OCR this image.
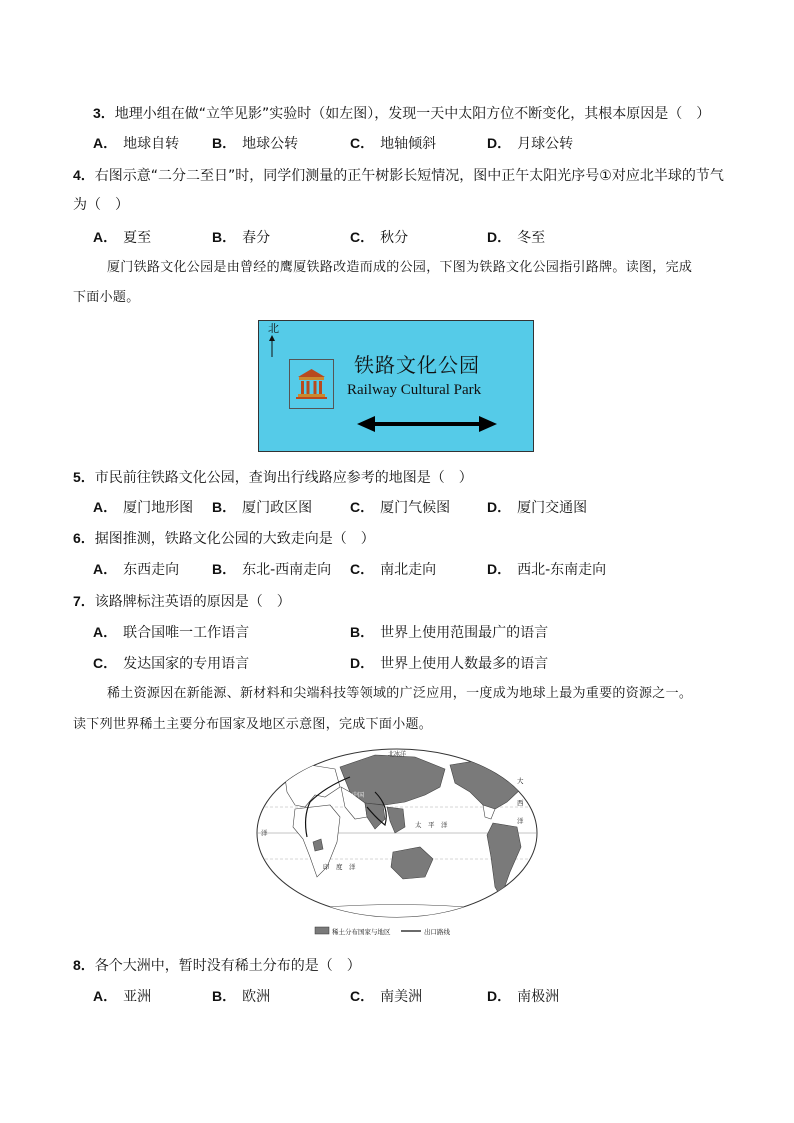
3．地理小组在做“立竿见影”实验时（如左图），发现一天中太阳方位不断变化，其根本原因是（　）
A． 地球自转 B． 地球公转	C． 地轴倾斜	D． 月球公转
4．右图示意“二分二至日”时，同学们测量的正午树影长短情况，图中正午太阳光序号①对应北半球的节气
为（　）
A． 夏至	B． 春分	C． 秋分	D． 冬至
厦门铁路文化公园是由曾经的鹰厦铁路改造而成的公园，下图为铁路文化公园指引路牌。读图，完成
下面小题。
北
铁路文化公园
Railway Cultural Park
5．市民前往铁路文化公园，查询出行线路应参考的地图是（　）
A． 厦门地形图 B． 厦门政区图	C． 厦门气候图	D． 厦门交通图
6．据图推测，铁路文化公园的大致走向是（　）
A． 东西走向 B． 东北-西南走向 C． 南北走向	D． 西北-东南走向
7．该路牌标注英语的原因是（　）
A． 联合国唯一工作语言	B． 世界上使用范围最广的语言
C． 发达国家的专用语言	D． 世界上使用人数最多的语言
稀土资源因在新能源、新材料和尖端科技等领域的广泛应用，一度成为地球上最为重要的资源之一。
读下列世界稀土主要分布国家及地区示意图，完成下面小题。
北冰洋
中国
太　平　洋
印　度　洋
大
西
洋
洋
稀土分布国家与地区	出口路线
8．各个大洲中，暂时没有稀土分布的是（　）
A． 亚洲	B． 欧洲	C． 南美洲	D． 南极洲
